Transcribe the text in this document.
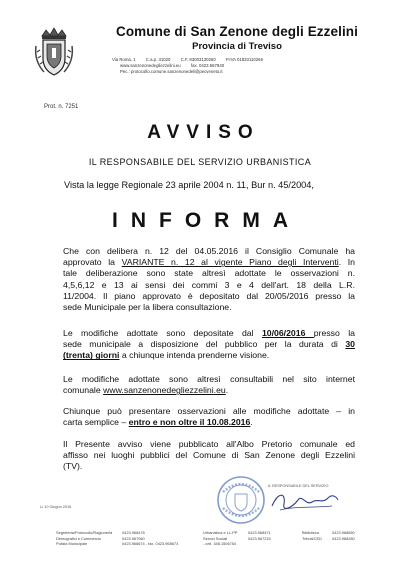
Comune di San Zenone degli Ezzelini
Provincia di Treviso
Via Roma, 1 C.a.p. 31020 C.F. 83003130260 P.IVA 01833110266
www.sanzenonedegliezzelini.eu fax. 0423.567840
Pec.: protocollo.comune.sanzenonedeli@pecveneto.it
Prot. n. 7251
AVVISO
IL RESPONSABILE DEL SERVIZIO URBANISTICA
Vista la legge Regionale 23 aprile 2004 n. 11, Bur n. 45/2004,
INFORMA
Che con delibera n. 12 del 04.05.2016 il Consiglio Comunale ha
approvato la VARIANTE n. 12 al vigente Piano degli Interventi. In
tale deliberazione sono state altresì adottate le osservazioni n.
4,5,6,12 e 13 ai sensi dei commi 3 e 4 dell'art. 18 della L.R.
11/2004. Il piano approvato è depositato dal 20/05/2016 presso la
sede Municipale per la libera consultazione.
Le modifiche adottate sono depositate dal 10/06/2016 presso la
sede municipale a disposizione del pubblico per la durata di 30
(trenta) giorni a chiunque intenda prenderne visione.
Le modifiche adottate sono altresì consultabili nel sito internet
comunale www.sanzenonedegliezzelini.eu.
Chiunque può presentare osservazioni alle modifiche adottate – in
carta semplice – entro e non oltre il 10.08.2016.
Il Presente avviso viene pubblicato all'Albo Pretorio comunale ed
affisso nei luoghi pubblici del Comune di San Zenone degli Ezzelini
(TV).
Lì 10 Giugno 2016
IL RESPONSABILE DEL SERVIZIO
Segreteria/Protocollo/Ragioneria
Demografici e Commercio
Polizia Municipale
0423.968478
0423.567060
0423.968674 - fax. 0423.968673
Urbanistica e LL.PP.
Servizi Sociali
- cell. 348.1506754
0423.968471
0423.567215
Biblioteca
Tributi/CED
0423.968650
0423.968280
